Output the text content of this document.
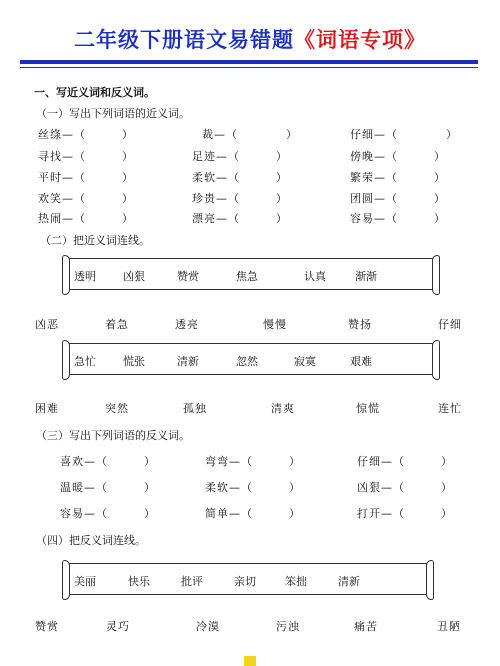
二年级下册语文易错题《词语专项》
一、写近义词和反义词。
（一）写出下列词语的近义词。
丝绦—（　　　）	裁—（　　　　）	仔细—（　　　　）
寻找—（　　　）	足迹—（　　　）	傍晚—（　　　）
平时—（　　　）	柔软—（　　　）	繁荣—（　　　）
欢笑—（　　　）	珍贵—（　　　）	团圆—（　　　）
热闹—（　　　）	漂亮—（　　　）	容易—（　　　）
（二）把近义词连线。
透明 凶狠	赞赏	焦急	认真	渐渐
凶恶	着急	透亮	慢慢	赞扬	仔细
急忙 慌张	清新	忽然	寂寞	艰难
困难	突然	孤独	清爽	惊慌	连忙
（三）写出下列词语的反义词。
喜欢—（　　　）	弯弯—（　　　）	仔细—（　　　）
温暖—（　　　）	柔软—（　　　）	凶狠—（　　　）
容易—（　　　）	简单—（　　　）	打开—（　　　）
（四）把反义词连线。
美丽	快乐	批评	亲切	笨拙	清新
赞赏	灵巧	冷漠	污浊	痛苦	丑陋
